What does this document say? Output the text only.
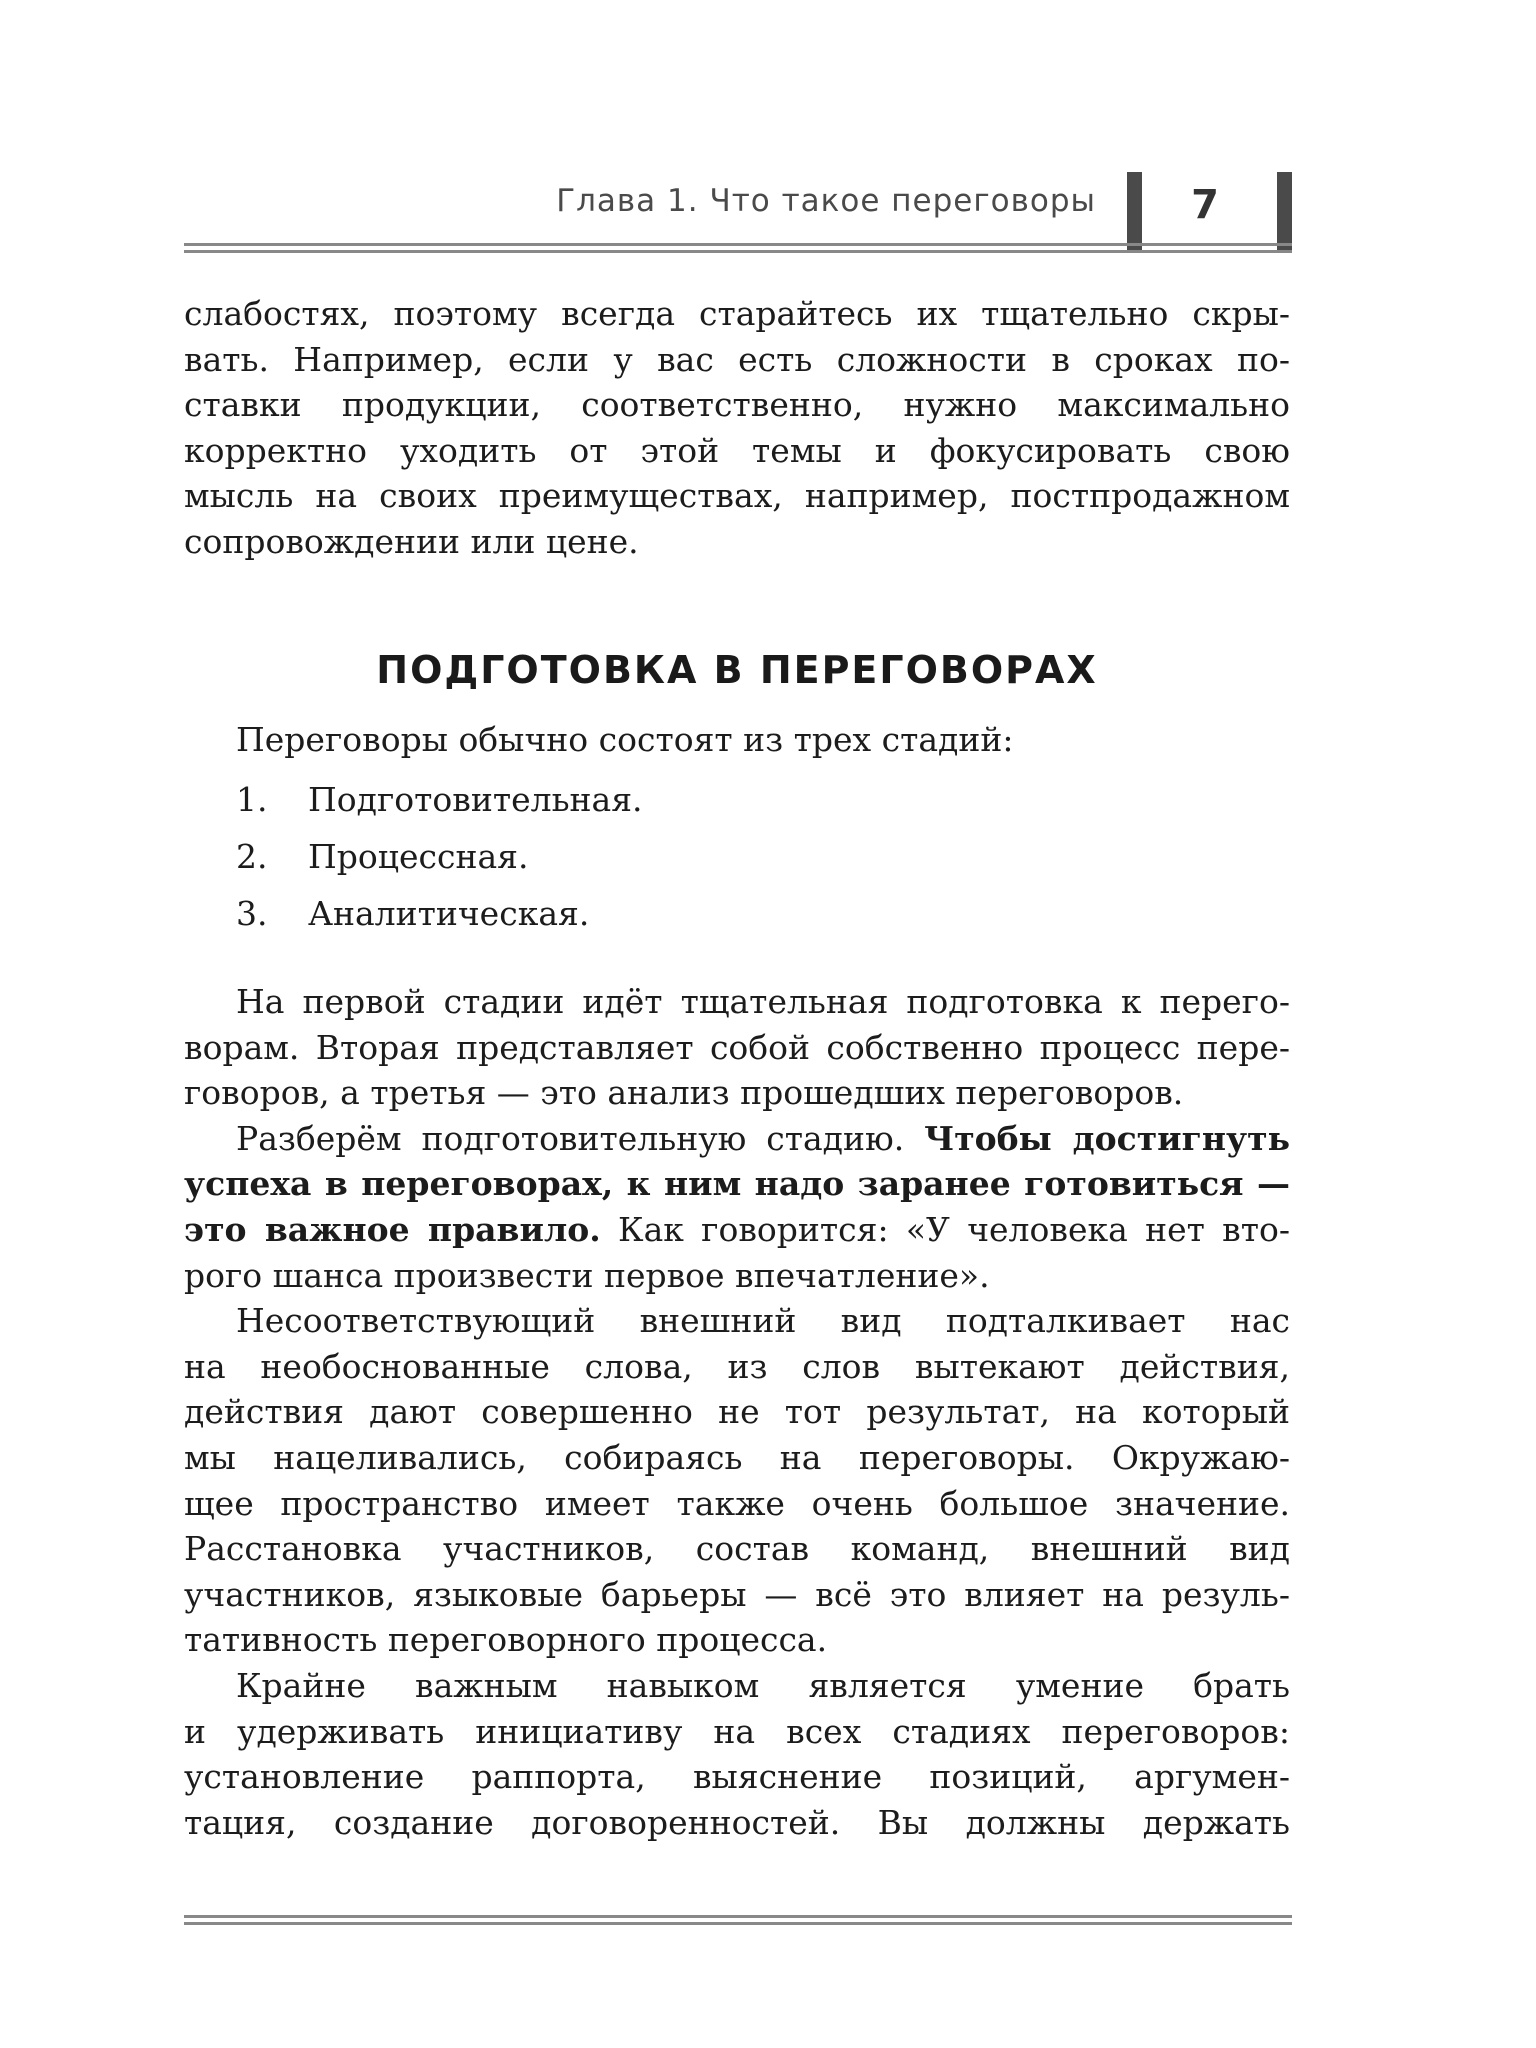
Глава 1. Что такое переговоры	7
слабостях, поэтому всегда старайтесь их тщательно скры-
вать. Например, если у вас есть сложности в сроках по-
ставки продукции, соответственно, нужно максимально
корректно уходить от этой темы и фокусировать свою
мысль на своих преимуществах, например, постпродажном
сопровождении или цене.
ПОДГОТОВКА В ПЕРЕГОВОРАХ
Переговоры обычно состоят из трех стадий:
1. Подготовительная.
2. Процессная.
3. Аналитическая.
На первой стадии идёт тщательная подготовка к перего-
ворам. Вторая представляет собой собственно процесс пере-
говоров, а третья — это анализ прошедших переговоров.
Разберём подготовительную стадию. Чтобы достигнуть
успеха в переговорах, к ним надо заранее готовиться —
это важное правило. Как говорится: «У человека нет вто-
рого шанса произвести первое впечатление».
Несоответствующий внешний вид подталкивает нас
на необоснованные слова, из слов вытекают действия,
действия дают совершенно не тот результат, на который
мы нацеливались, собираясь на переговоры. Окружаю-
щее пространство имеет также очень большое значение.
Расстановка участников, состав команд, внешний вид
участников, языковые барьеры — всё это влияет на резуль-
тативность переговорного процесса.
Крайне важным навыком является умение брать
и удерживать инициативу на всех стадиях переговоров:
установление раппорта, выяснение позиций, аргумен-
тация, создание договоренностей. Вы должны держать
